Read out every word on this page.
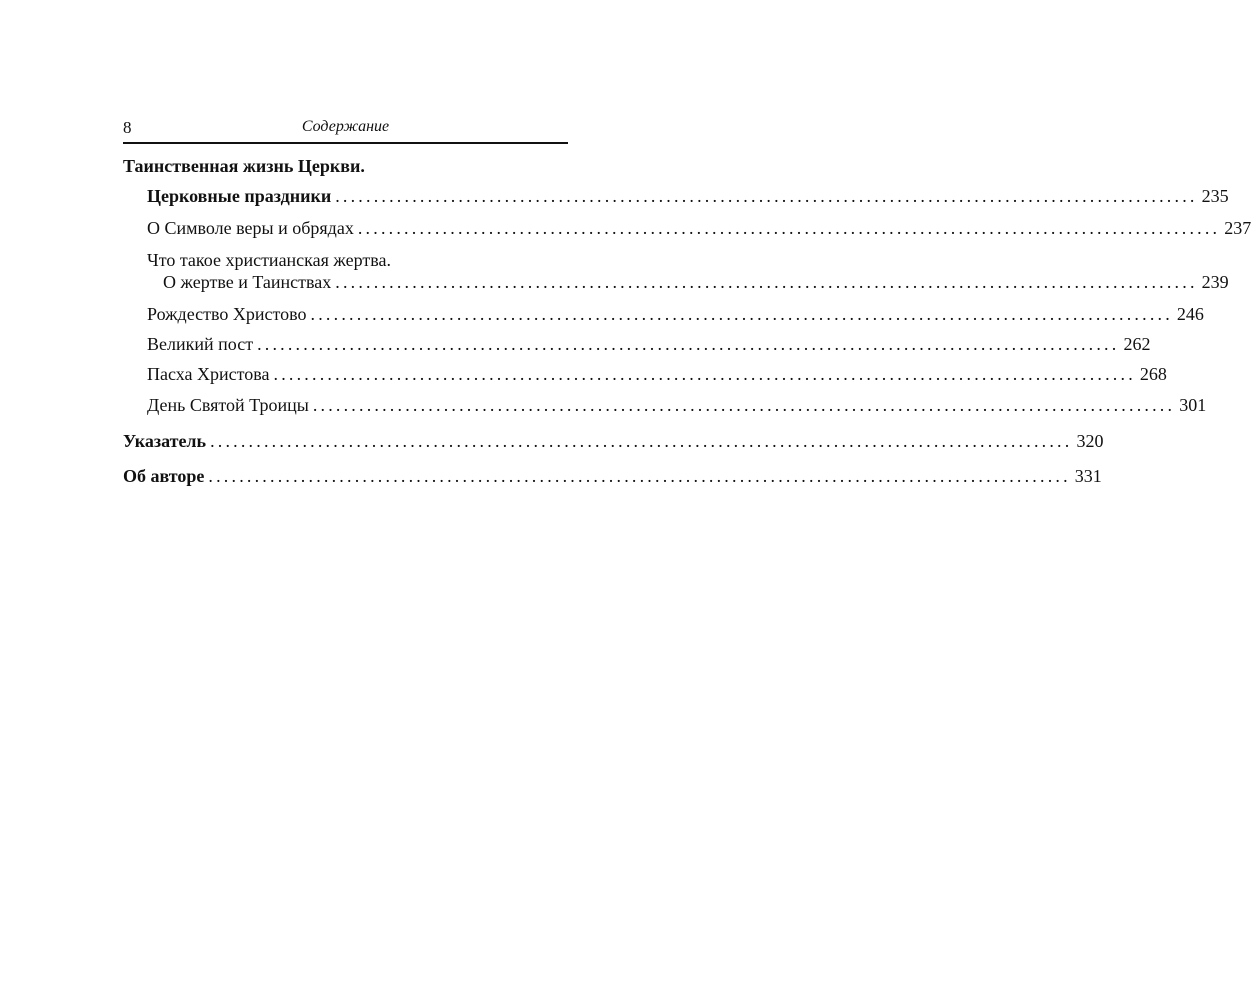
8	Содержание
Таинственная жизнь Церкви.
Церковные праздники ................................................................................................................ 235
О Символе веры и обрядах ................................................................................................................ 237
Что такое христианская жертва.
О жертве и Таинствах ................................................................................................................ 239
Рождество Христово ................................................................................................................ 246
Великий пост ................................................................................................................ 262
Пасха Христова ................................................................................................................ 268
День Святой Троицы ................................................................................................................ 301
Указатель ................................................................................................................ 320
Об авторе ................................................................................................................ 331
